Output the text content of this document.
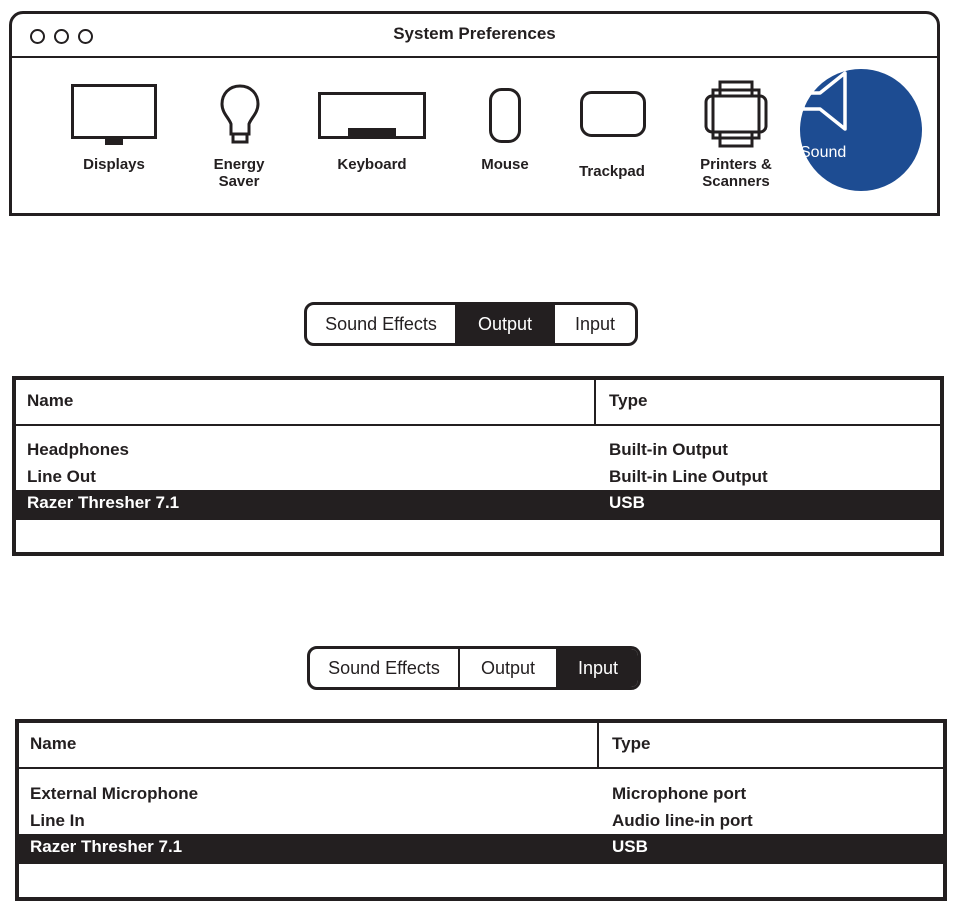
System Preferences
Displays	Energy
Saver
Keyboard	Mouse	Trackpad	Printers &
Scanners
Sound
Sound Effects	Output	Input
Name	Type
Headphones	Built-in Output
Line Out	Built-in Line Output
Razer Thresher 7.1	USB
Sound Effects	Output	Input
Name	Type
External Microphone	Microphone port
Line In	Audio line-in port
Razer Thresher 7.1	USB
